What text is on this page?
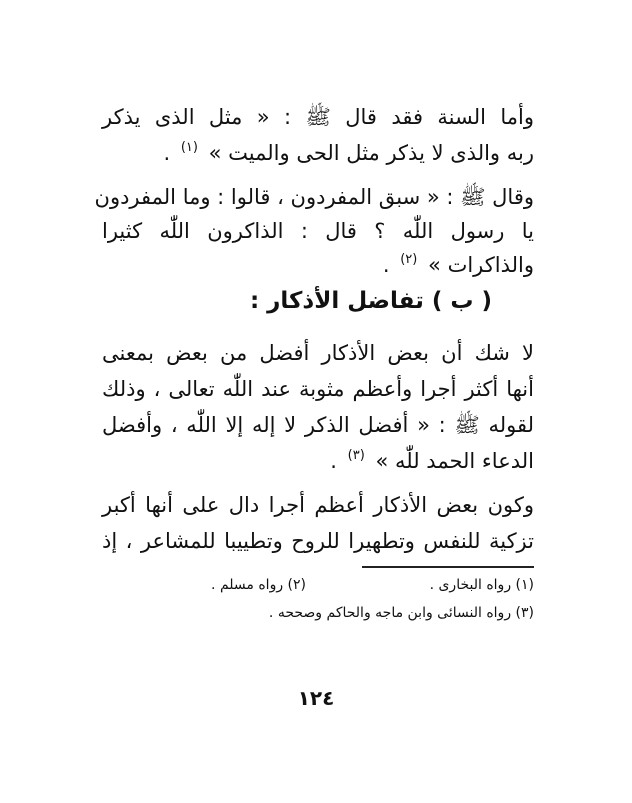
وأما السنة فقد قال ﷺ : « مثل الذى يذكر
ربه والذى لا يذكر مثل الحى والميت » $^{(١)}$ .
وقال ﷺ : « سبق المفردون ، قالوا : وما المفردون
يا رسول اللّٰه ؟ قال : الذاكرون اللّٰه كثيرا
والذاكرات » $^{(٢)}$ .
( ب ) تفاضل الأذكار :
لا شك أن بعض الأذكار أفضل من بعض بمعنى
أنها أكثر أجرا وأعظم مثوبة عند اللّٰه تعالى ، وذلك
لقوله ﷺ : « أفضل الذكر لا إله إلا اللّٰه ، وأفضل
الدعاء الحمد للّٰه » $^{(٣)}$ .
وكون بعض الأذكار أعظم أجرا دال على أنها أكبر
تزكية للنفس وتطهيرا للروح وتطييبا للمشاعر ، إذ
(١) رواه البخارى .
(٢) رواه مسلم .
(٣) رواه النسائى وابن ماجه والحاكم وصححه .
١٢٤
